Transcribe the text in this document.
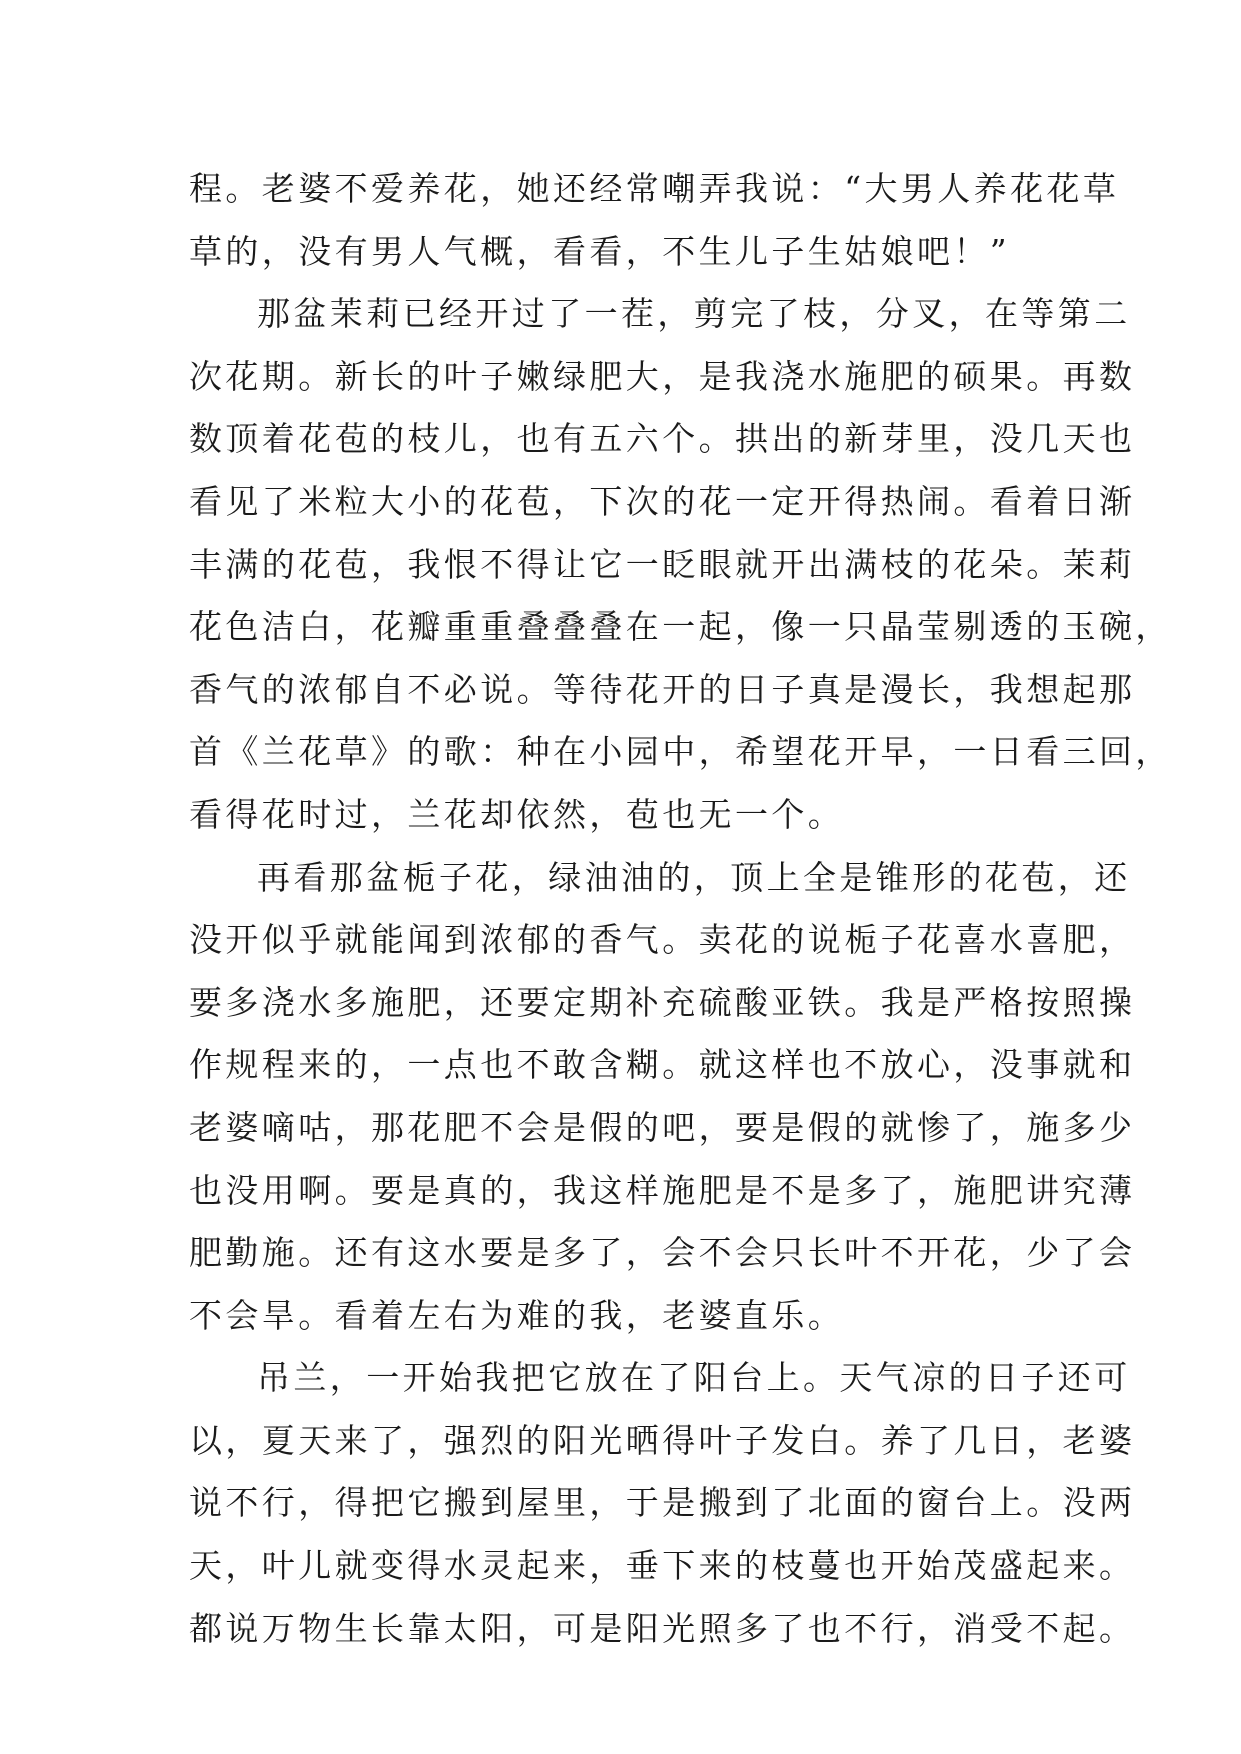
程。老婆不爱养花，她还经常嘲弄我说：“大男人养花花草
草的，没有男人气概，看看，不生儿子生姑娘吧！”
那盆茉莉已经开过了一茬，剪完了枝，分叉，在等第二
次花期。新长的叶子嫩绿肥大，是我浇水施肥的硕果。再数
数顶着花苞的枝儿，也有五六个。拱出的新芽里，没几天也
看见了米粒大小的花苞，下次的花一定开得热闹。看着日渐
丰满的花苞，我恨不得让它一眨眼就开出满枝的花朵。茉莉
花色洁白，花瓣重重叠叠叠在一起，像一只晶莹剔透的玉碗，
香气的浓郁自不必说。等待花开的日子真是漫长，我想起那
首《兰花草》的歌：种在小园中，希望花开早，一日看三回，
看得花时过，兰花却依然，苞也无一个。
再看那盆栀子花，绿油油的，顶上全是锥形的花苞，还
没开似乎就能闻到浓郁的香气。卖花的说栀子花喜水喜肥，
要多浇水多施肥，还要定期补充硫酸亚铁。我是严格按照操
作规程来的，一点也不敢含糊。就这样也不放心，没事就和
老婆嘀咕，那花肥不会是假的吧，要是假的就惨了，施多少
也没用啊。要是真的，我这样施肥是不是多了，施肥讲究薄
肥勤施。还有这水要是多了，会不会只长叶不开花，少了会
不会旱。看着左右为难的我，老婆直乐。
吊兰，一开始我把它放在了阳台上。天气凉的日子还可
以，夏天来了，强烈的阳光晒得叶子发白。养了几日，老婆
说不行，得把它搬到屋里，于是搬到了北面的窗台上。没两
天，叶儿就变得水灵起来，垂下来的枝蔓也开始茂盛起来。
都说万物生长靠太阳，可是阳光照多了也不行，消受不起。
